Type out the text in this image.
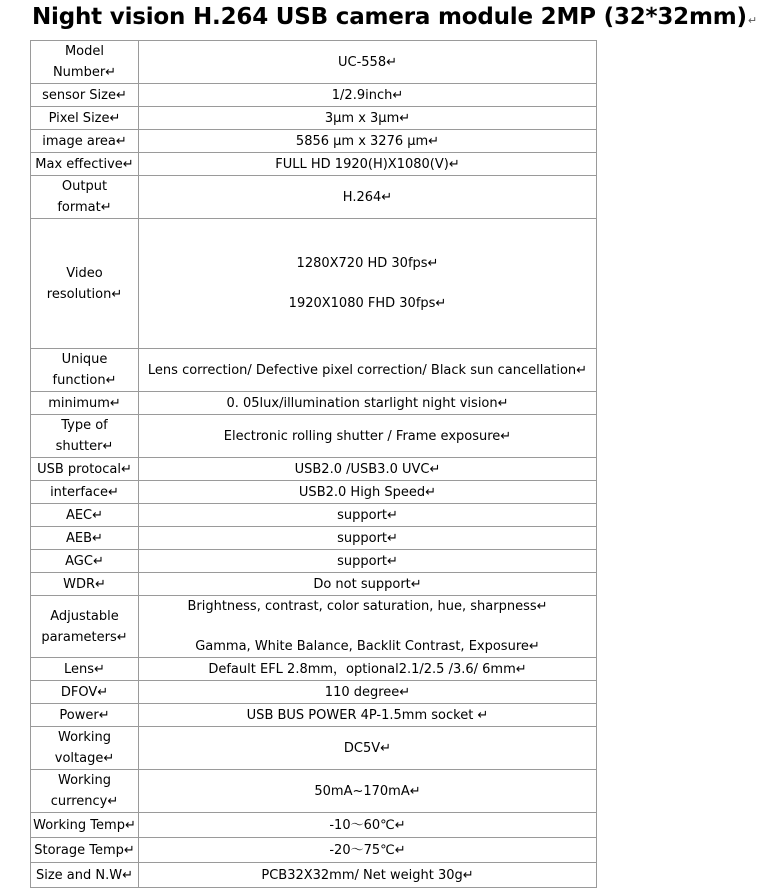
Night vision H.264 USB camera module 2MP (32*32mm)↵
Model Number↵	UC-558↵

sensor Size↵	1/2.9inch↵

Pixel Size↵	3µm x 3µm↵

image area↵	5856 µm x 3276 µm↵

Max effective↵	FULL HD 1920(H)X1080(V)↵

Output format↵	H.264↵

Video
resolution↵	1280X720 HD 30fps↵
1920X1080 FHD 30fps↵

Unique function↵	Lens correction/ Defective pixel correction/ Black sun cancellation↵

minimum↵	0. 05lux/illumination starlight night vision↵

Type of shutter↵	Electronic rolling shutter / Frame exposure↵

USB protocal↵	USB2.0 /USB3.0 UVC↵

interface↵	USB2.0 High Speed↵

AEC↵	support↵

AEB↵	support↵

AGC↵	support↵

WDR↵	Do not support↵

Adjustable
parameters↵	Brightness, contrast, color saturation, hue, sharpness↵
Gamma, White Balance, Backlit Contrast, Exposure↵

Lens↵	Default EFL 2.8mm，optional2.1/2.5 /3.6/ 6mm↵

DFOV↵	110 degree↵

Power↵	USB BUS POWER 4P-1.5mm socket ↵

Working
voltage↵	DC5V↵

Working
currency↵	50mA~170mA↵

Working Temp↵	-10～60℃↵

Storage Temp↵	-20～75℃↵

Size and N.W↵	PCB32X32mm/ Net weight 30g↵
